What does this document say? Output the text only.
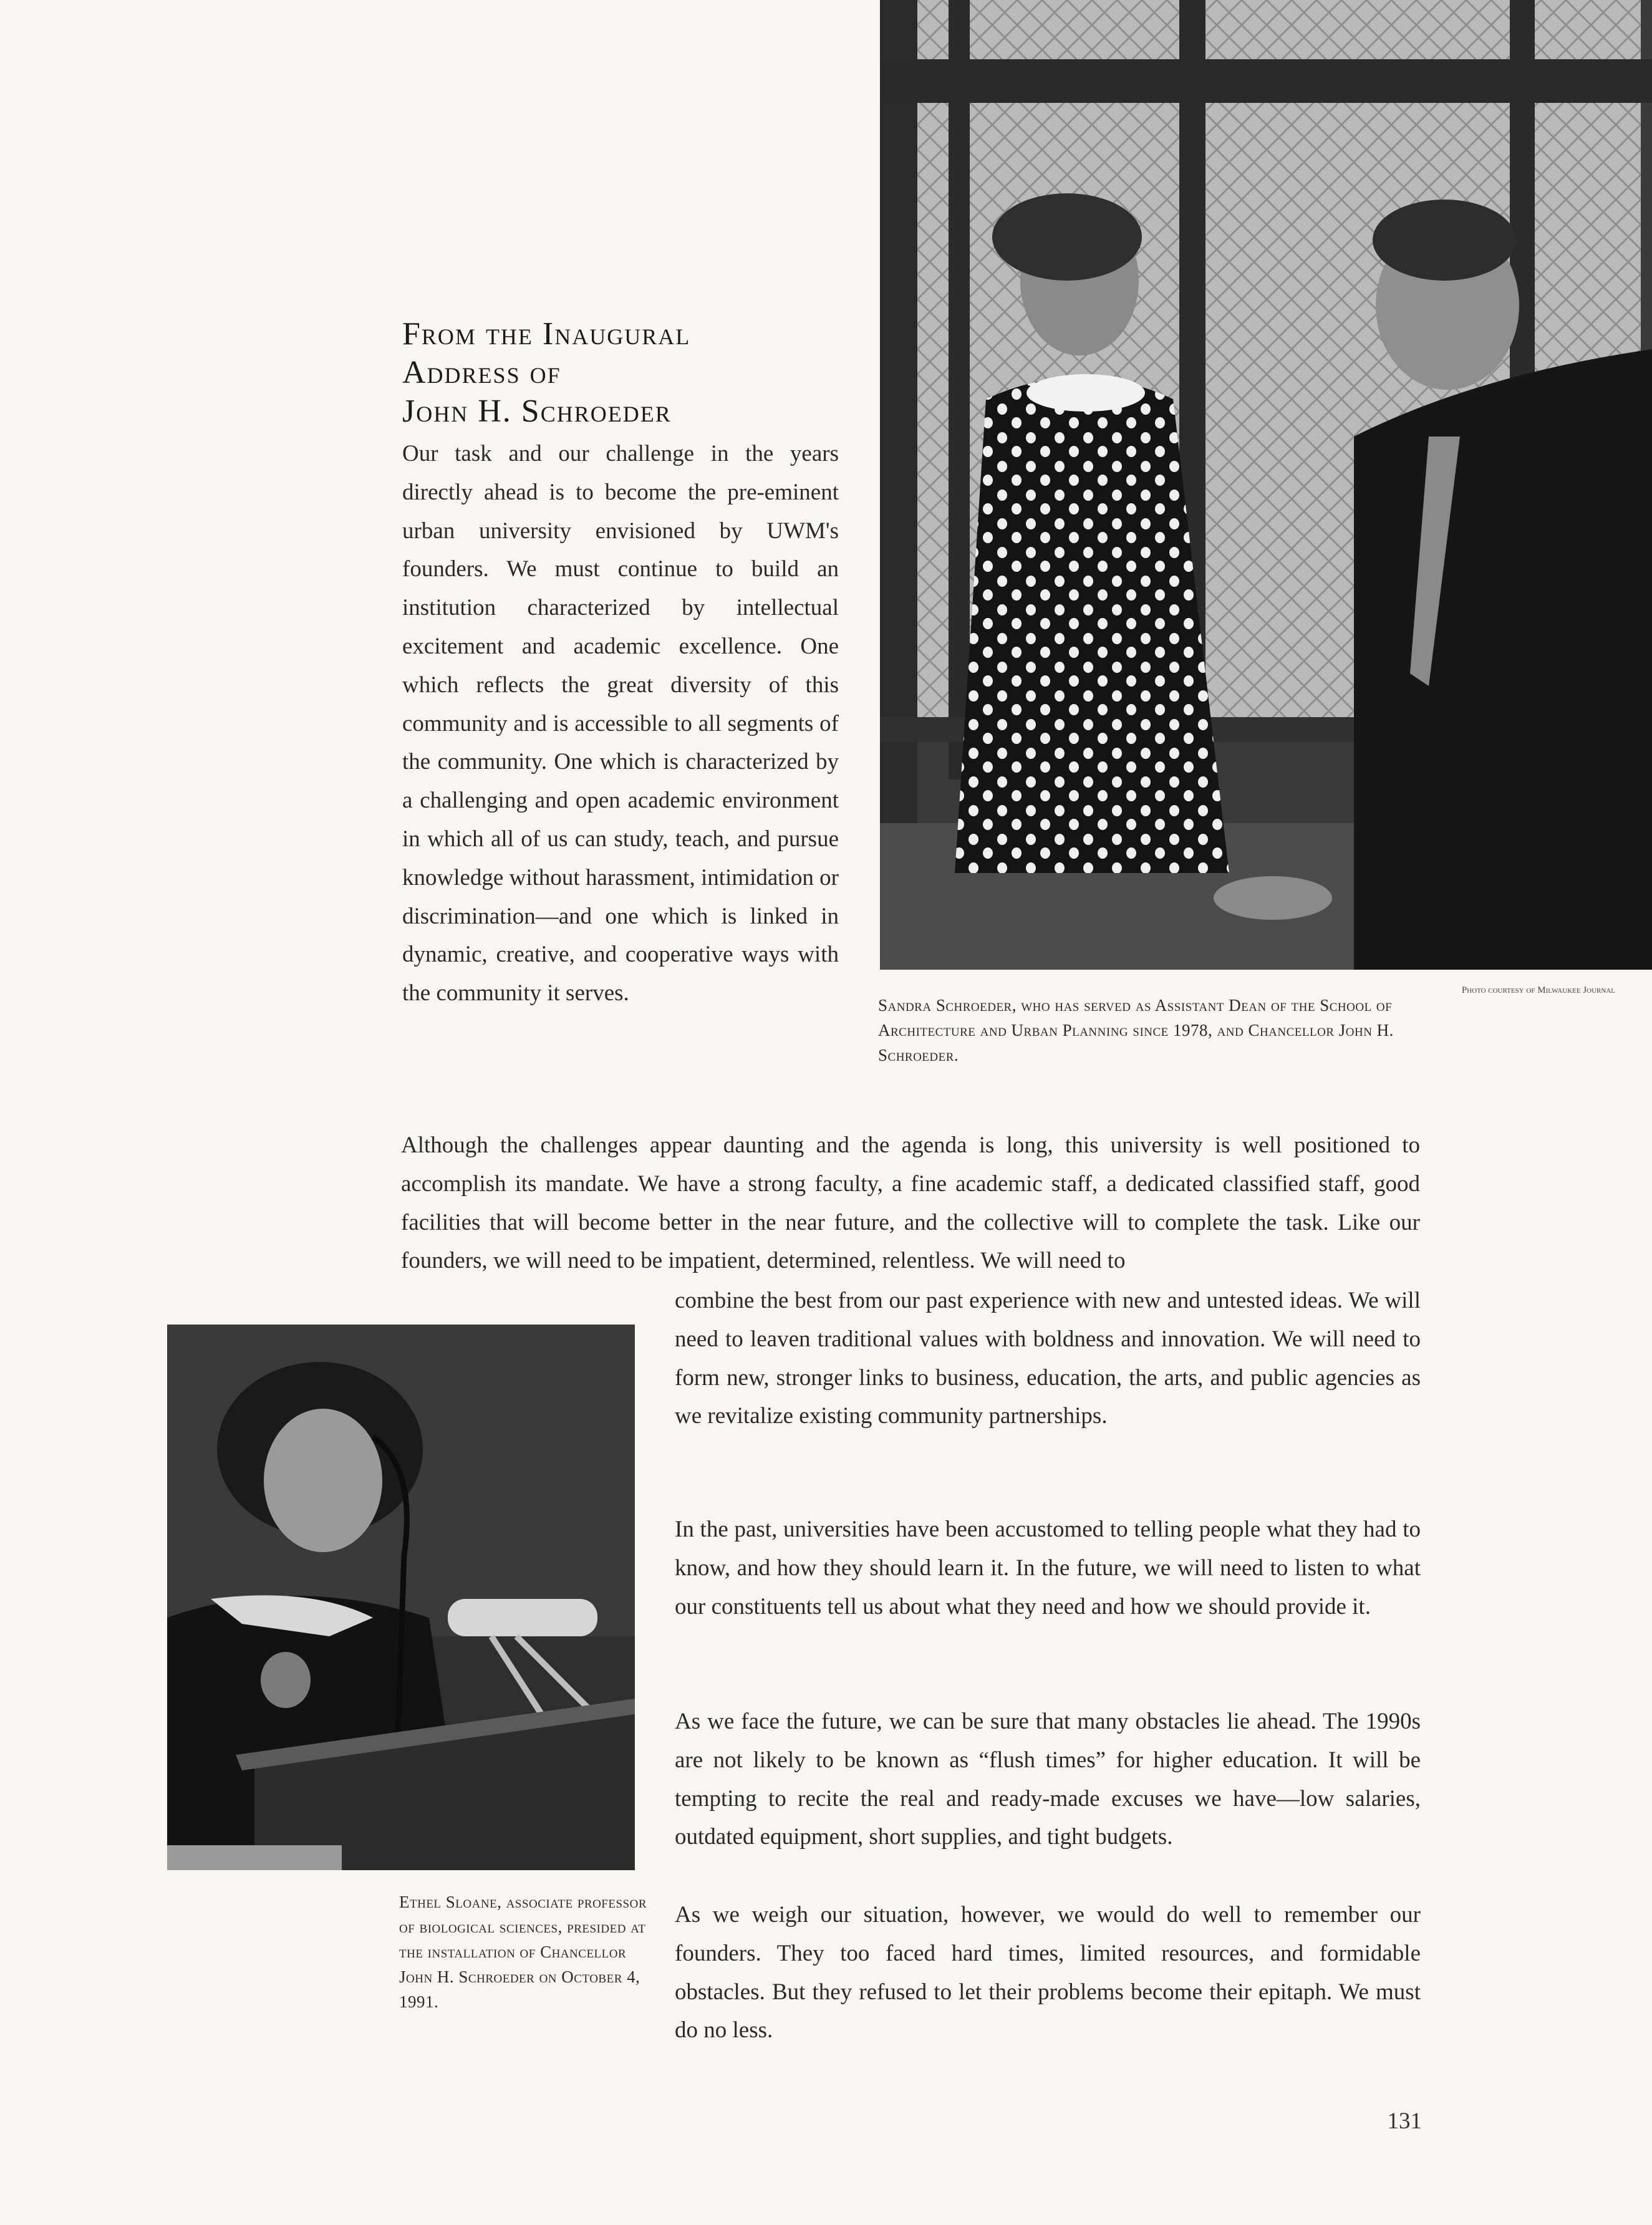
Photo courtesy of Milwaukee Journal
From the Inaugural
Address of
John H. Schroeder
Our task and our challenge in the years directly ahead is to become the pre-eminent urban university envisioned by UWM's founders. We must continue to build an institution characterized by intellectual excitement and academic excellence. One which reflects the great diversity of this community and is accessible to all segments of the community. One which is characterized by a challenging and open academic environment in which all of us can study, teach, and pursue knowledge without harassment, intimidation or discrimination—and one which is linked in dynamic, creative, and cooperative ways with the community it serves.	Sandra Schroeder, who has served as Assistant Dean of the School of Architecture and Urban Planning since 1978, and Chancellor John H. Schroeder.
Although the challenges appear daunting and the agenda is long, this university is well positioned to accomplish its mandate. We have a strong faculty, a fine academic staff, a dedicated classified staff, good facilities that will become better in the near future, and the collective will to complete the task. Like our founders, we will need to be impatient, determined, relentless. We will need to
combine the best from our past experience with new and untested ideas. We will need to leaven traditional values with boldness and innovation. We will need to form new, stronger links to business, education, the arts, and public agencies as we revitalize existing community partnerships.
Ethel Sloane, associate professor of biological sciences, presided at the installation of Chancellor John H. Schroeder on October 4, 1991.
In the past, universities have been accustomed to telling people what they had to know, and how they should learn it. In the future, we will need to listen to what our constituents tell us about what they need and how we should provide it.
As we face the future, we can be sure that many obstacles lie ahead. The 1990s are not likely to be known as “flush times” for higher education. It will be tempting to recite the real and ready-made excuses we have—low salaries, outdated equipment, short supplies, and tight budgets.
As we weigh our situation, however, we would do well to remember our founders. They too faced hard times, limited resources, and formidable obstacles. But they refused to let their problems become their epitaph. We must do no less.
131
